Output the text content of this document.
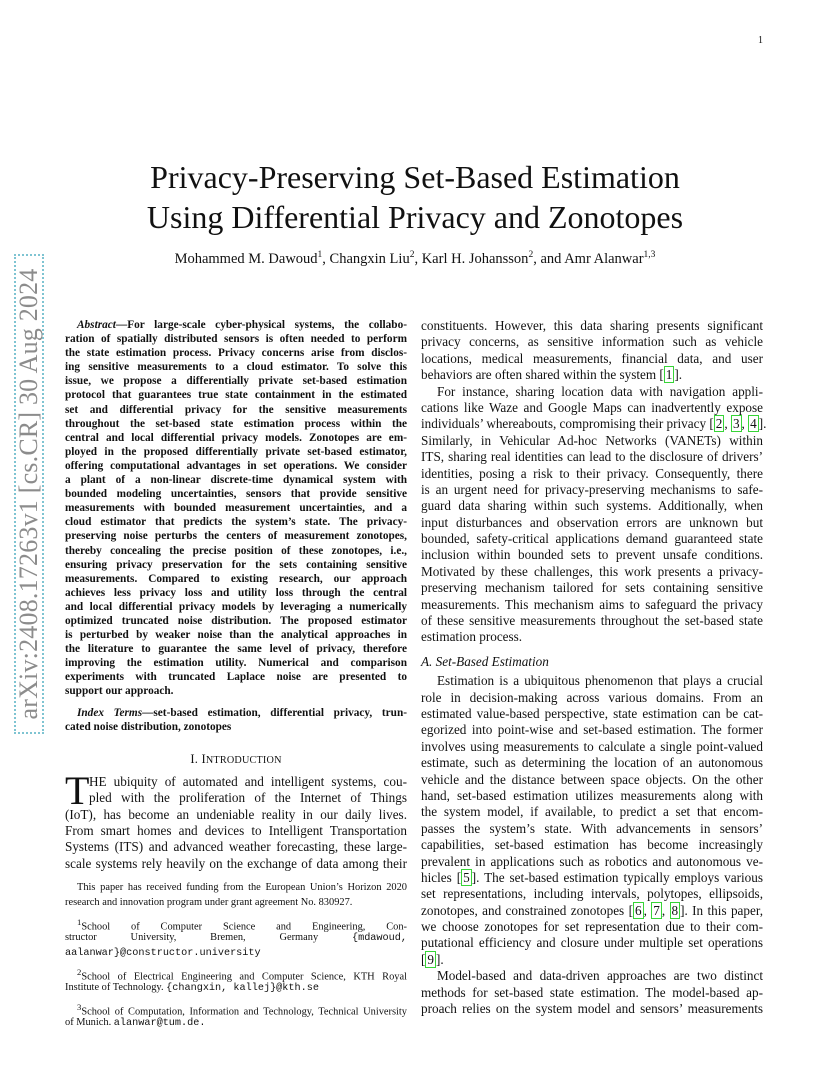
1
arXiv:2408.17263v1 [cs.CR] 30 Aug 2024
Privacy-Preserving Set-Based Estimation
Using Differential Privacy and Zonotopes
Mohammed M. Dawoud$^1$, Changxin Liu$^2$, Karl H. Johansson$^2$, and Amr Alanwar$^{1,3}$
Abstract—For large-scale cyber-physical systems, the collabo-
ration of spatially distributed sensors is often needed to perform
the state estimation process. Privacy concerns arise from disclos-
ing sensitive measurements to a cloud estimator. To solve this
issue, we propose a differentially private set-based estimation
protocol that guarantees true state containment in the estimated
set and differential privacy for the sensitive measurements
throughout the set-based state estimation process within the
central and local differential privacy models. Zonotopes are em-
ployed in the proposed differentially private set-based estimator,
offering computational advantages in set operations. We consider
a plant of a non-linear discrete-time dynamical system with
bounded modeling uncertainties, sensors that provide sensitive
measurements with bounded measurement uncertainties, and a
cloud estimator that predicts the system’s state. The privacy-
preserving noise perturbs the centers of measurement zonotopes,
thereby concealing the precise position of these zonotopes, i.e.,
ensuring privacy preservation for the sets containing sensitive
measurements. Compared to existing research, our approach
achieves less privacy loss and utility loss through the central
and local differential privacy models by leveraging a numerically
optimized truncated noise distribution. The proposed estimator
is perturbed by weaker noise than the analytical approaches in
the literature to guarantee the same level of privacy, therefore
improving the estimation utility. Numerical and comparison
experiments with truncated Laplace noise are presented to
support our approach.
Index Terms—set-based estimation, differential privacy, trun-
cated noise distribution, zonotopes
I. INTRODUCTION
T HE ubiquity of automated and intelligent systems, cou-
pled with the proliferation of the Internet of Things
(IoT), has become an undeniable reality in our daily lives.
From smart homes and devices to Intelligent Transportation
Systems (ITS) and advanced weather forecasting, these large-
scale systems rely heavily on the exchange of data among their
This paper has received funding from the European Union’s Horizon 2020
research and innovation program under grant agreement No. 830927.
$^1$School of Computer Science and Engineering, Con-
structor University, Bremen, Germany {mdawoud,
aalanwar}@constructor.university
$^2$School of Electrical Engineering and Computer Science, KTH Royal
Institute of Technology. {changxin, kallej}@kth.se
$^3$School of Computation, Information and Technology, Technical University
of Munich. alanwar@tum.de.
constituents. However, this data sharing presents significant
privacy concerns, as sensitive information such as vehicle
locations, medical measurements, financial data, and user
behaviors are often shared within the system [ 1 ].
For instance, sharing location data with navigation appli-
cations like Waze and Google Maps can inadvertently expose
individuals’ whereabouts, compromising their privacy [ 2 , 3 , 4 ].
Similarly, in Vehicular Ad-hoc Networks (VANETs) within
ITS, sharing real identities can lead to the disclosure of drivers’
identities, posing a risk to their privacy. Consequently, there
is an urgent need for privacy-preserving mechanisms to safe-
guard data sharing within such systems. Additionally, when
input disturbances and observation errors are unknown but
bounded, safety-critical applications demand guaranteed state
inclusion within bounded sets to prevent unsafe conditions.
Motivated by these challenges, this work presents a privacy-
preserving mechanism tailored for sets containing sensitive
measurements. This mechanism aims to safeguard the privacy
of these sensitive measurements throughout the set-based state
estimation process.
A. Set-Based Estimation
Estimation is a ubiquitous phenomenon that plays a crucial
role in decision-making across various domains. From an
estimated value-based perspective, state estimation can be cat-
egorized into point-wise and set-based estimation. The former
involves using measurements to calculate a single point-valued
estimate, such as determining the location of an autonomous
vehicle and the distance between space objects. On the other
hand, set-based estimation utilizes measurements along with
the system model, if available, to predict a set that encom-
passes the system’s state. With advancements in sensors’
capabilities, set-based estimation has become increasingly
prevalent in applications such as robotics and autonomous ve-
hicles [ 5 ]. The set-based estimation typically employs various
set representations, including intervals, polytopes, ellipsoids,
zonotopes, and constrained zonotopes [ 6 , 7 , 8 ]. In this paper,
we choose zonotopes for set representation due to their com-
putational efficiency and closure under multiple set operations
[ 9 ].
Model-based and data-driven approaches are two distinct
methods for set-based state estimation. The model-based ap-
proach relies on the system model and sensors’ measurements
